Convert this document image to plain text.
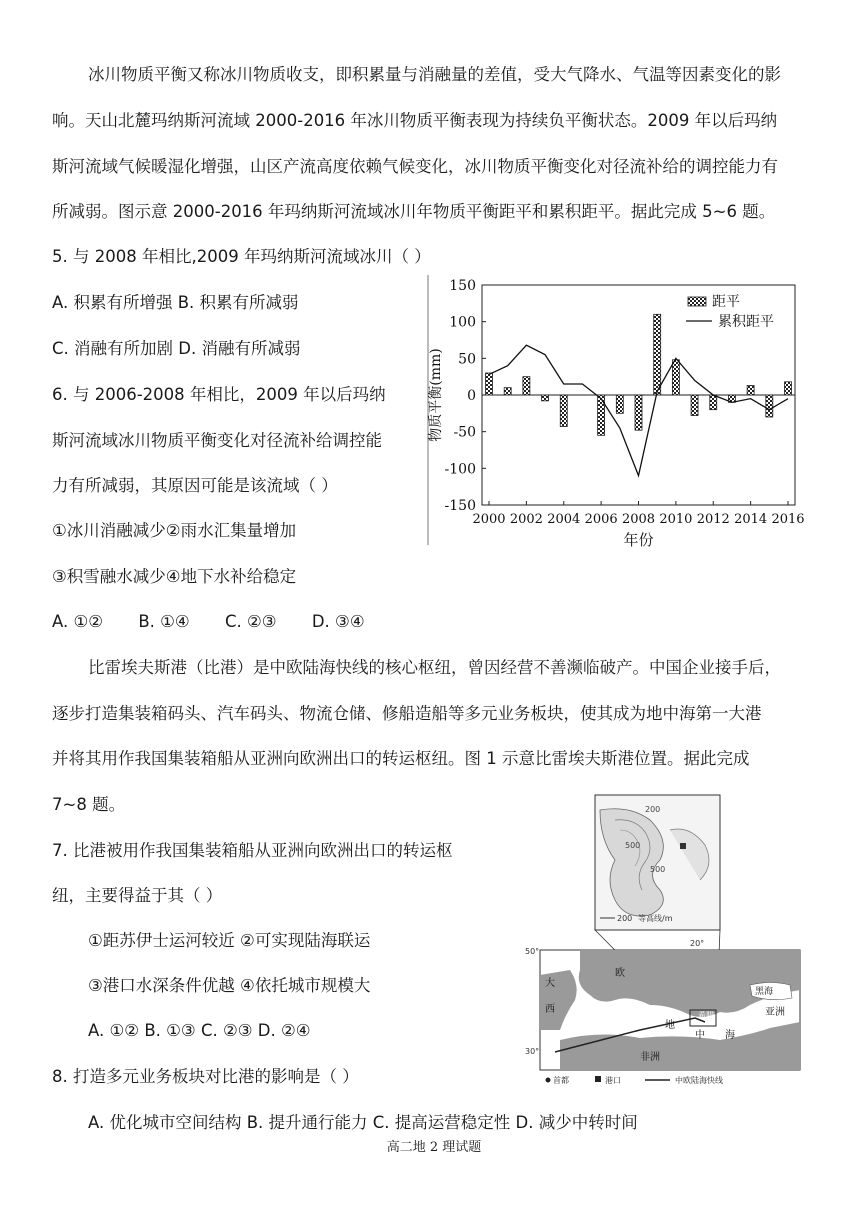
冰川物质平衡又称冰川物质收支，即积累量与消融量的差值，受大气降水、气温等因素变化的影
响。天山北麓玛纳斯河流域 2000-2016 年冰川物质平衡表现为持续负平衡状态。2009 年以后玛纳
斯河流域气候暖湿化增强，山区产流高度依赖气候变化，冰川物质平衡变化对径流补给的调控能力有
所减弱。图示意 2000-2016 年玛纳斯河流域冰川年物质平衡距平和累积距平。据此完成 5~6 题。
5. 与 2008 年相比,2009 年玛纳斯河流域冰川（ ）
A. 积累有所增强 B. 积累有所减弱
C. 消融有所加剧 D. 消融有所减弱
6. 与 2006-2008 年相比，2009 年以后玛纳
斯河流域冰川物质平衡变化对径流补给调控能
力有所减弱，其原因可能是该流域（ ）
①冰川消融减少②雨水汇集量增加
③积雪融水减少④地下水补给稳定
A. ①② B. ①④ C. ②③ D. ③④
150
100
50
0
-50
-100
-150
2000 2002 2004 2006 2008 2010 2012 2014 2016
年份
物质平衡(mm)
距平
累积距平
比雷埃夫斯港（比港）是中欧陆海快线的核心枢纽，曾因经营不善濒临破产。中国企业接手后，
逐步打造集装箱码头、汽车码头、物流仓储、修船造船等多元业务板块，使其成为地中海第一大港
并将其用作我国集装箱船从亚洲向欧洲出口的转运枢纽。图 1 示意比雷埃夫斯港位置。据此完成
7~8 题。
7. 比港被用作我国集装箱船从亚洲向欧洲出口的转运枢
纽，主要得益于其（ ）
①距苏伊士运河较近 ②可实现陆海联运
③港口水深条件优越 ④依托城市规模大
A. ①② B. ①③ C. ②③ D. ②④
8. 打造多元业务板块对比港的影响是（ ）
A. 优化城市空间结构 B. 提升通行能力 C. 提高运营稳定性 D. 减少中转时间
200
500
500
200 等高线/m
50°
30°
20°
大
西
欧
黑海
亚洲
地
中 海
希腊
非洲
首都	港口	中欧陆海快线
高二地 2 理试题
